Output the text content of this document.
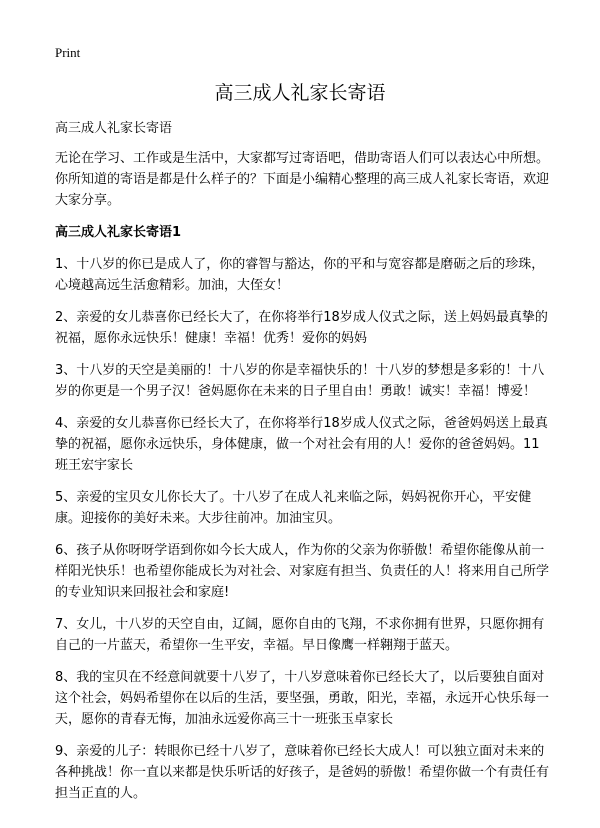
Print
高三成人礼家长寄语

高三成人礼家长寄语

无论在学习、工作或是生活中，大家都写过寄语吧，借助寄语人们可以表达心中所想。你所知道的寄语是都是什么样子的？下面是小编精心整理的高三成人礼家长寄语，欢迎大家分享。

高三成人礼家长寄语1

1、十八岁的你已是成人了，你的睿智与豁达，你的平和与宽容都是磨砺之后的珍珠，心境越高远生活愈精彩。加油，大侄女！

2、亲爱的女儿恭喜你已经长大了，在你将举行18岁成人仪式之际，送上妈妈最真挚的祝福，愿你永远快乐！健康！幸福！优秀！爱你的妈妈

3、十八岁的天空是美丽的！十八岁的你是幸福快乐的！十八岁的梦想是多彩的！十八岁的你更是一个男子汉！爸妈愿你在未来的日子里自由！勇敢！诚实！幸福！博爱！

4、亲爱的女儿恭喜你已经长大了，在你将举行18岁成人仪式之际，爸爸妈妈送上最真挚的祝福，愿你永远快乐，身体健康，做一个对社会有用的人！爱你的爸爸妈妈。11班王宏宇家长

5、亲爱的宝贝女儿你长大了。十八岁了在成人礼来临之际，妈妈祝你开心，平安健康。迎接你的美好未来。大步往前冲。加油宝贝。

6、孩子从你呀呀学语到你如今长大成人，作为你的父亲为你骄傲！希望你能像从前一样阳光快乐！也希望你能成长为对社会、对家庭有担当、负责任的人！将来用自己所学的专业知识来回报社会和家庭!

7、女儿，十八岁的天空自由，辽阔，愿你自由的飞翔，不求你拥有世界，只愿你拥有自己的一片蓝天，希望你一生平安，幸福。早日像鹰一样翱翔于蓝天。

8、我的宝贝在不经意间就要十八岁了，十八岁意味着你已经长大了，以后要独自面对这个社会，妈妈希望你在以后的生活，要坚强，勇敢，阳光，幸福，永远开心快乐每一天，愿你的青春无悔，加油永远爱你高三十一班张玉卓家长

9、亲爱的儿子：转眼你已经十八岁了，意味着你已经长大成人！可以独立面对未来的各种挑战！你一直以来都是快乐听话的好孩子，是爸妈的骄傲！希望你做一个有责任有担当正直的人。
